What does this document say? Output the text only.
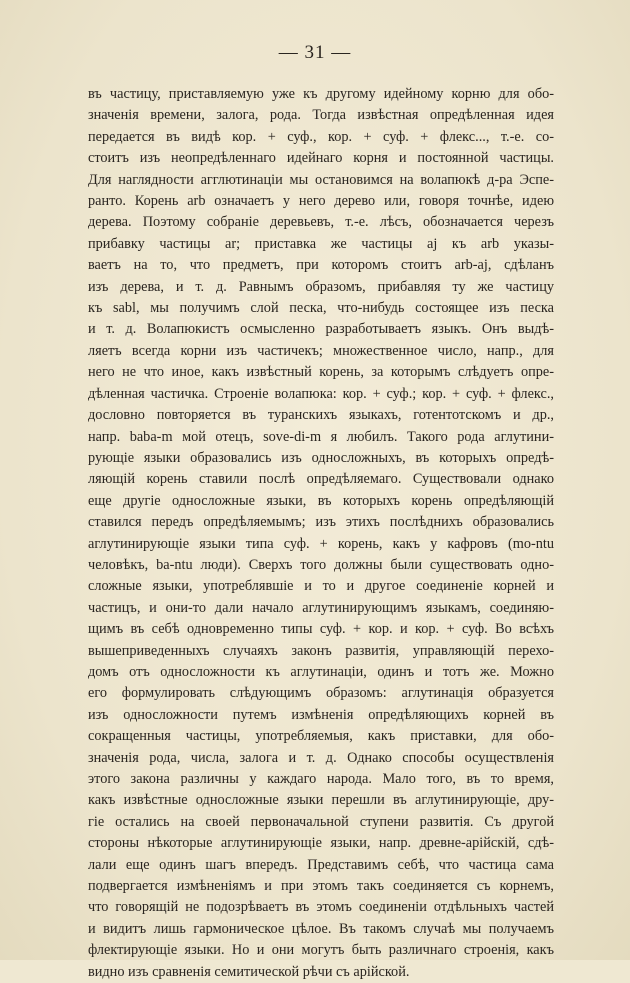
— 31 —
въ частицу, приставляемую уже къ другому идейному корню для обо-
значенія времени, залога, рода. Тогда извѣстная опредѣленная идея
передается въ видѣ кор. + суф., кор. + суф. + флекс..., т.-е. со-
стоитъ изъ неопредѣленнаго идейнаго корня и постоянной частицы.
Для наглядности агглютинаціи мы остановимся на волапюкѣ д-ра Эспе-
ранто. Корень arb означаетъ у него дерево или, говоря точнѣе, идею
дерева. Поэтому собраніе деревьевъ, т.-е. лѣсъ, обозначается черезъ
прибавку частицы ar; приставка же частицы aj къ arb указы-
ваетъ на то, что предметъ, при которомъ стоитъ arb-aj, сдѣланъ
изъ дерева, и т. д. Равнымъ образомъ, прибавляя ту же частицу
къ sabl, мы получимъ слой песка, что-нибудь состоящее изъ песка
и т. д. Волапюкистъ осмысленно разработываетъ языкъ. Онъ выдѣ-
ляетъ всегда корни изъ частичекъ; множественное число, напр., для
него не что иное, какъ извѣстный корень, за которымъ слѣдуетъ опре-
дѣленная частичка. Строеніе волапюка: кор. + суф.; кор. + суф. + флекс.,
дословно повторяется въ туранскихъ языкахъ, готентотскомъ и др.,
напр. baba-m мой отецъ, sove-di-m я любилъ. Такого рода аглутини-
рующіе языки образовались изъ односложныхъ, въ которыхъ опредѣ-
ляющій корень ставили послѣ опредѣляемаго. Существовали однако
еще другіе односложные языки, въ которыхъ корень опредѣляющій
ставился передъ опредѣляемымъ; изъ этихъ послѣднихъ образовались
аглутинирующіе языки типа суф. + корень, какъ у кафровъ (mo-ntu
человѣкъ, ba-ntu люди). Сверхъ того должны были существовать одно-
сложные языки, употреблявшіе и то и другое соединеніе корней и
частицъ, и они-то дали начало аглутинирующимъ языкамъ, соединяю-
щимъ въ себѣ одновременно типы суф. + кор. и кор. + суф. Во всѣхъ
вышеприведенныхъ случаяхъ законъ развитія, управляющій перехо-
домъ отъ односложности къ аглутинаціи, одинъ и тотъ же. Можно
его формулировать слѣдующимъ образомъ: аглутинація образуется
изъ односложности путемъ измѣненія опредѣляющихъ корней въ
сокращенныя частицы, употребляемыя, какъ приставки, для обо-
значенія рода, числа, залога и т. д. Однако способы осуществленія
этого закона различны у каждаго народа. Мало того, въ то время,
какъ извѣстные односложные языки перешли въ аглутинирующіе, дру-
гіе остались на своей первоначальной ступени развитія. Съ другой
стороны нѣкоторые аглутинирующіе языки, напр. древне-арійскій, сдѣ-
лали еще одинъ шагъ впередъ. Представимъ себѣ, что частица сама
подвергается измѣненіямъ и при этомъ такъ соединяется съ корнемъ,
что говорящій не подозрѣваетъ въ этомъ соединеніи отдѣльныхъ частей
и видитъ лишь гармоническое цѣлое. Въ такомъ случаѣ мы получаемъ
флектирующіе языки. Но и они могутъ быть различнаго строенія, какъ
видно изъ сравненія семитической рѣчи съ арійской.
